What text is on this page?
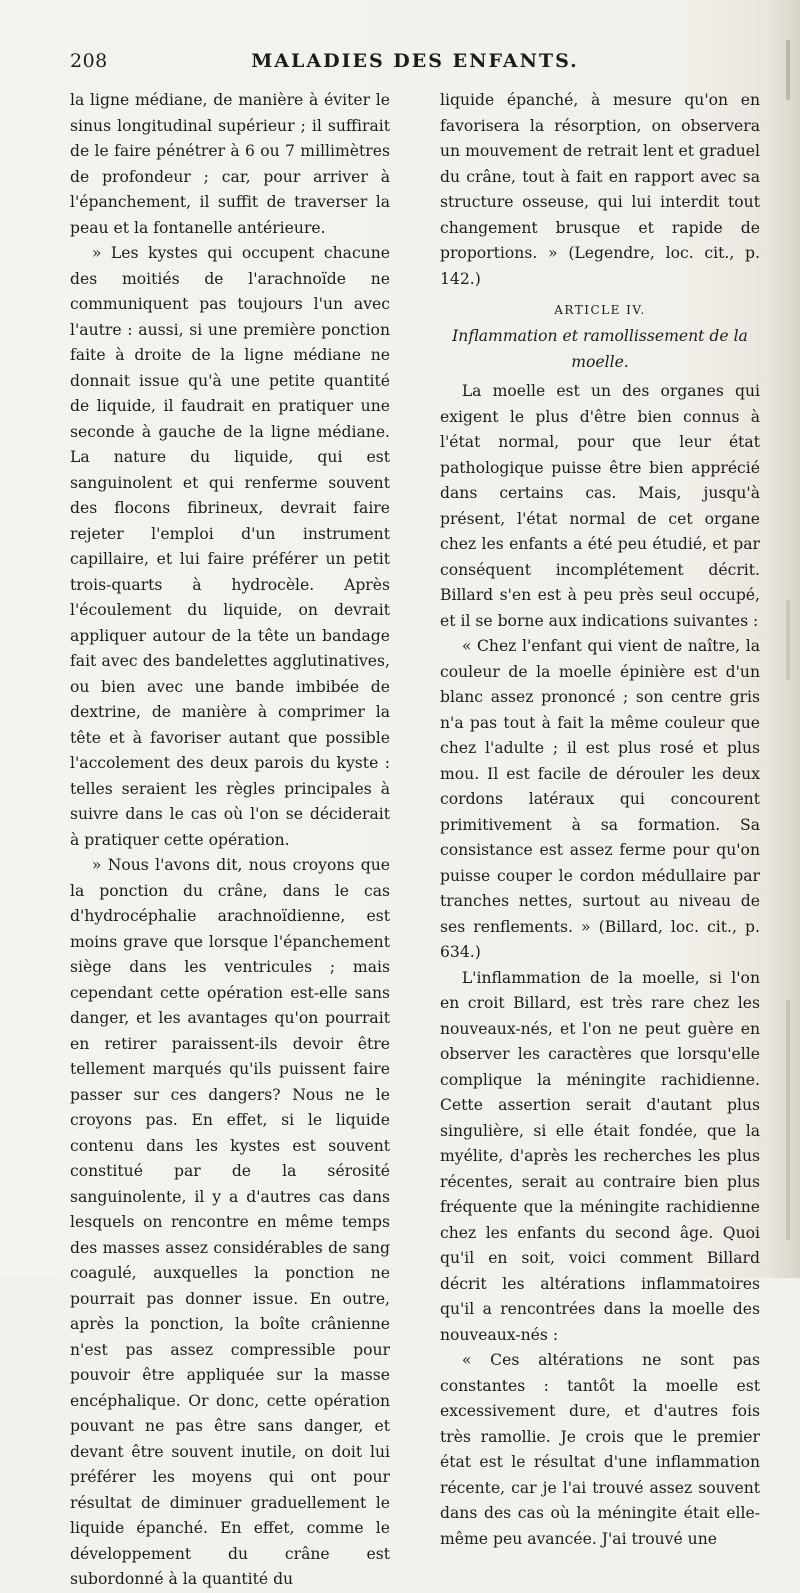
208	MALADIES DES ENFANTS.

la ligne médiane, de manière à éviter le sinus longitudinal supérieur ; il suffirait de le faire pénétrer à 6 ou 7 millimètres de profondeur ; car, pour arriver à l'épanchement, il suffit de traverser la peau et la fontanelle antérieure.

» Les kystes qui occupent chacune des moitiés de l'arachnoïde ne communiquent pas toujours l'un avec l'autre : aussi, si une première ponction faite à droite de la ligne médiane ne donnait issue qu'à une petite quantité de liquide, il faudrait en pratiquer une seconde à gauche de la ligne médiane. La nature du liquide, qui est sanguinolent et qui renferme souvent des flocons fibrineux, devrait faire rejeter l'emploi d'un instrument capillaire, et lui faire préférer un petit trois-quarts à hydrocèle. Après l'écoulement du liquide, on devrait appliquer autour de la tête un bandage fait avec des bandelettes agglutinatives, ou bien avec une bande imbibée de dextrine, de manière à comprimer la tête et à favoriser autant que possible l'accolement des deux parois du kyste : telles seraient les règles principales à suivre dans le cas où l'on se déciderait à pratiquer cette opération.

» Nous l'avons dit, nous croyons que la ponction du crâne, dans le cas d'hydrocéphalie arachnoïdienne, est moins grave que lorsque l'épanchement siège dans les ventricules ; mais cependant cette opération est-elle sans danger, et les avantages qu'on pourrait en retirer paraissent-ils devoir être tellement marqués qu'ils puissent faire passer sur ces dangers? Nous ne le croyons pas. En effet, si le liquide contenu dans les kystes est souvent constitué par de la sérosité sanguinolente, il y a d'autres cas dans lesquels on rencontre en même temps des masses assez considérables de sang coagulé, auxquelles la ponction ne pourrait pas donner issue. En outre, après la ponction, la boîte crânienne n'est pas assez compressible pour pouvoir être appliquée sur la masse encéphalique. Or donc, cette opération pouvant ne pas être sans danger, et devant être souvent inutile, on doit lui préférer les moyens qui ont pour résultat de diminuer graduellement le liquide épanché. En effet, comme le développement du crâne est subordonné à la quantité du

liquide épanché, à mesure qu'on en favorisera la résorption, on observera un mouvement de retrait lent et graduel du crâne, tout à fait en rapport avec sa structure osseuse, qui lui interdit tout changement brusque et rapide de proportions. » (Legendre, loc. cit., p. 142.)

ARTICLE IV.
Inflammation et ramollissement de la moelle.

La moelle est un des organes qui exigent le plus d'être bien connus à l'état normal, pour que leur état pathologique puisse être bien apprécié dans certains cas. Mais, jusqu'à présent, l'état normal de cet organe chez les enfants a été peu étudié, et par conséquent incomplétement décrit. Billard s'en est à peu près seul occupé, et il se borne aux indications suivantes :

« Chez l'enfant qui vient de naître, la couleur de la moelle épinière est d'un blanc assez prononcé ; son centre gris n'a pas tout à fait la même couleur que chez l'adulte ; il est plus rosé et plus mou. Il est facile de dérouler les deux cordons latéraux qui concourent primitivement à sa formation. Sa consistance est assez ferme pour qu'on puisse couper le cordon médullaire par tranches nettes, surtout au niveau de ses renflements. » (Billard, loc. cit., p. 634.)

L'inflammation de la moelle, si l'on en croit Billard, est très rare chez les nouveaux-nés, et l'on ne peut guère en observer les caractères que lorsqu'elle complique la méningite rachidienne. Cette assertion serait d'autant plus singulière, si elle était fondée, que la myélite, d'après les recherches les plus récentes, serait au contraire bien plus fréquente que la méningite rachidienne chez les enfants du second âge. Quoi qu'il en soit, voici comment Billard décrit les altérations inflammatoires qu'il a rencontrées dans la moelle des nouveaux-nés :

« Ces altérations ne sont pas constantes : tantôt la moelle est excessivement dure, et d'autres fois très ramollie. Je crois que le premier état est le résultat d'une inflammation récente, car je l'ai trouvé assez souvent dans des cas où la méningite était elle-même peu avancée. J'ai trouvé une
